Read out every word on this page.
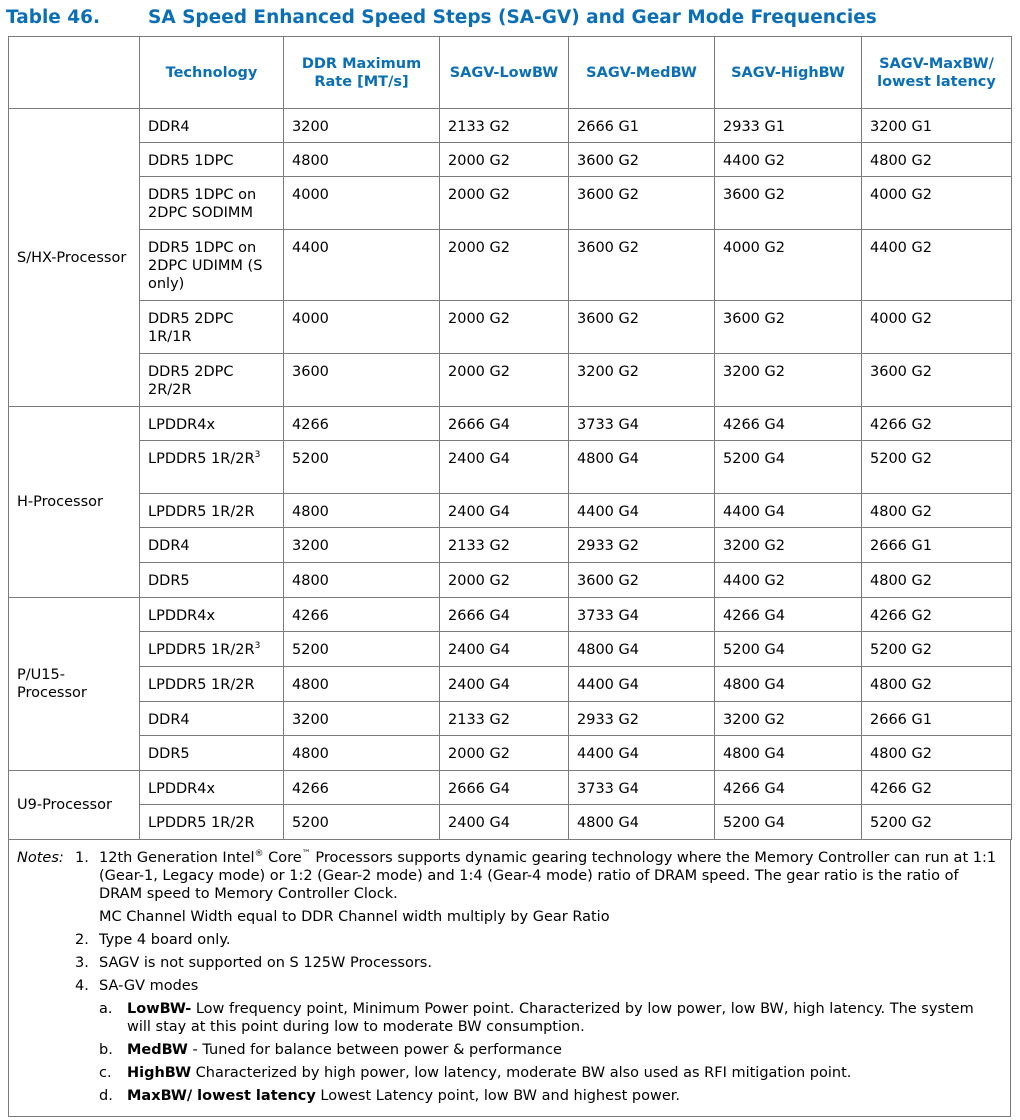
Table 46.	SA Speed Enhanced Speed Steps (SA-GV) and Gear Mode Frequencies
	Technology	DDR Maximum Rate [MT/s]	SAGV-LowBW	SAGV-MedBW	SAGV-HighBW	SAGV-MaxBW/ lowest latency
S/HX-Processor	DDR4	3200	2133 G2	2666 G1	2933 G1	3200 G1
	DDR5 1DPC	4800	2000 G2	3600 G2	4400 G2	4800 G2
	DDR5 1DPC on 2DPC SODIMM	4000	2000 G2	3600 G2	3600 G2	4000 G2
	DDR5 1DPC on 2DPC UDIMM (S only)	4400	2000 G2	3600 G2	4000 G2	4400 G2
	DDR5 2DPC 1R/1R	4000	2000 G2	3600 G2	3600 G2	4000 G2
	DDR5 2DPC 2R/2R	3600	2000 G2	3200 G2	3200 G2	3600 G2
H-Processor	LPDDR4x	4266	2666 G4	3733 G4	4266 G4	4266 G2
	LPDDR5 $1R/2R^3$	5200	2400 G4	4800 G4	5200 G4	5200 G2
	LPDDR5 1R/2R	4800	2400 G4	4400 G4	4400 G4	4800 G2
	DDR4	3200	2133 G2	2933 G2	3200 G2	2666 G1
	DDR5	4800	2000 G2	3600 G2	4400 G2	4800 G2
P/U15-Processor	LPDDR4x	4266	2666 G4	3733 G4	4266 G4	4266 G2
	LPDDR5 $1R/2R^3$	5200	2400 G4	4800 G4	5200 G4	5200 G2
	LPDDR5 1R/2R	4800	2400 G4	4400 G4	4800 G4	4800 G2
	DDR4	3200	2133 G2	2933 G2	3200 G2	2666 G1
	DDR5	4800	2000 G2	4400 G4	4800 G4	4800 G2
U9-Processor	LPDDR4x	4266	2666 G4	3733 G4	4266 G4	4266 G2
	LPDDR5 1R/2R	5200	2400 G4	4800 G4	5200 G4	5200 G2
Notes: 1. 12th Generation Intel® Core™ Processors supports dynamic gearing technology where the Memory Controller can run at 1:1 (Gear-1, Legacy mode) or 1:2 (Gear-2 mode) and 1:4 (Gear-4 mode) ratio of DRAM speed. The gear ratio is the ratio of DRAM speed to Memory Controller Clock.
MC Channel Width equal to DDR Channel width multiply by Gear Ratio
2. Type 4 board only.
3. SAGV is not supported on S 125W Processors.
4. SA-GV modes
a.	LowBW- Low frequency point, Minimum Power point. Characterized by low power, low BW, high latency. The system will stay at this point during low to moderate BW consumption.
b. MedBW - Tuned for balance between power & performance
c.	HighBW Characterized by high power, low latency, moderate BW also used as RFI mitigation point.
d. MaxBW/ lowest latency Lowest Latency point, low BW and highest power.
